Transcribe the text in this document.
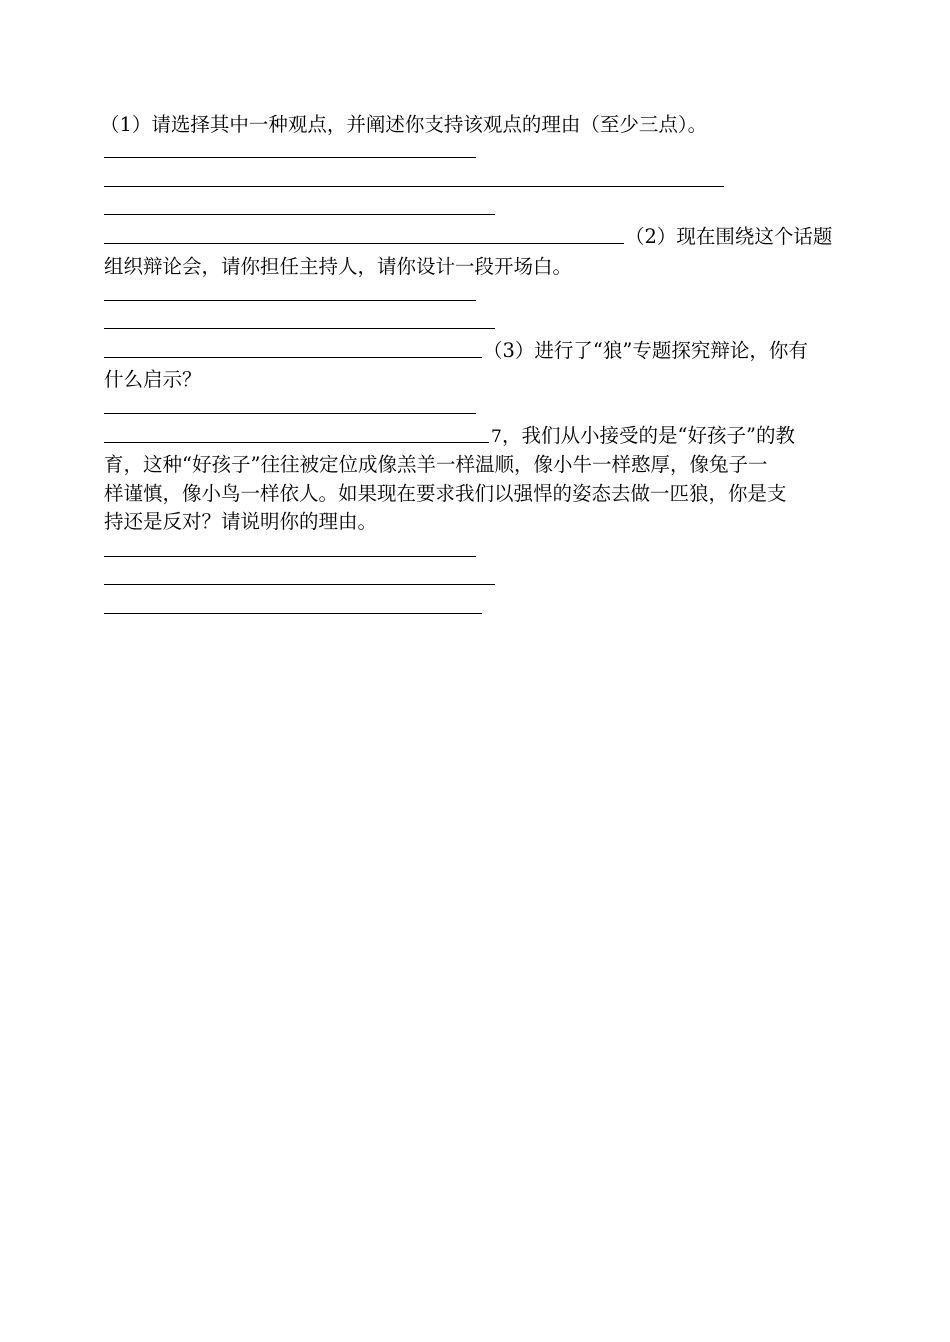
（1）请选择其中一种观点，并阐述你支持该观点的理由（至少三点）。
（2）现在围绕这个话题
组织辩论会，请你担任主持人，请你设计一段开场白。
（3）进行了“狼”专题探究辩论，你有
什么启示？
7 ，我们从小接受的是“好孩子”的教
育，这种“好孩子”往往被定位成像羔羊一样温顺，像小牛一样憨厚，像兔子一
样谨慎，像小鸟一样依人。如果现在要求我们以强悍的姿态去做一匹狼，你是支
持还是反对？请说明你的理由。
